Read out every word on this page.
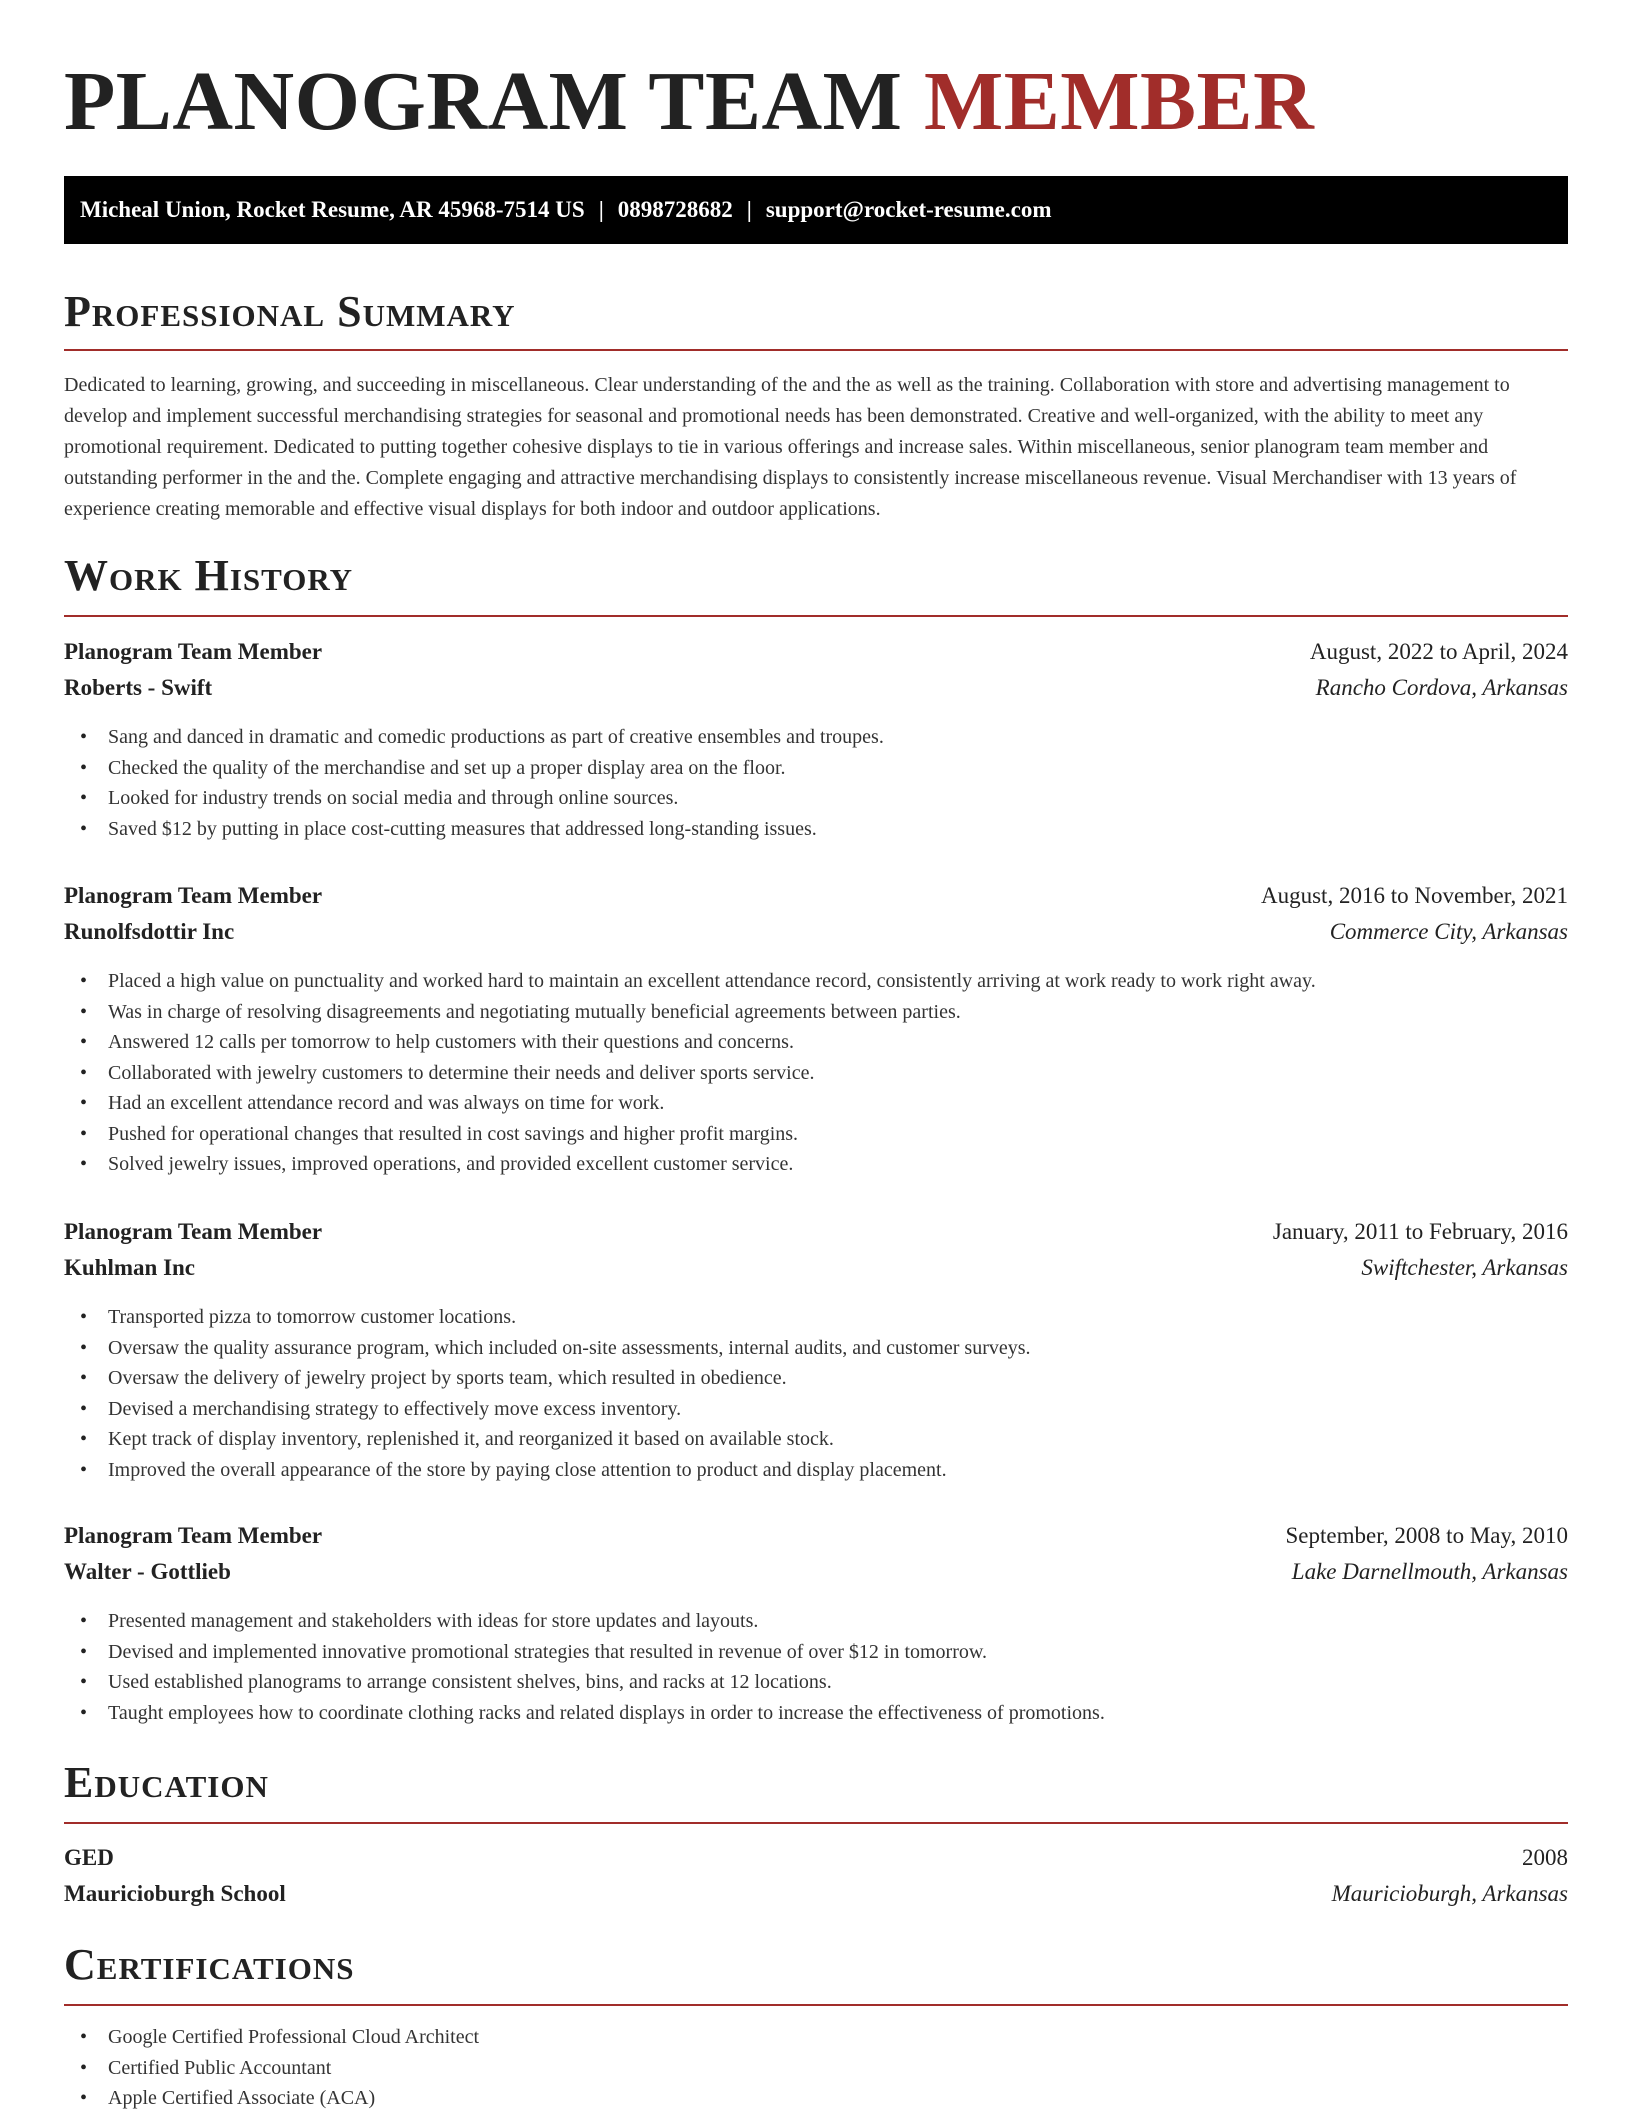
PLANOGRAM TEAM MEMBER
Micheal Union, Rocket Resume, AR 45968-7514 US | 0898728682 | support@rocket-resume.com
Professional Summary

Dedicated to learning, growing, and succeeding in miscellaneous. Clear understanding of the and the as well as the training. Collaboration with store and advertising management to develop and implement successful merchandising strategies for seasonal and promotional needs has been demonstrated. Creative and well-organized, with the ability to meet any promotional requirement. Dedicated to putting together cohesive displays to tie in various offerings and increase sales. Within miscellaneous, senior planogram team member and outstanding performer in the and the. Complete engaging and attractive merchandising displays to consistently increase miscellaneous revenue. Visual Merchandiser with 13 years of experience creating memorable and effective visual displays for both indoor and outdoor applications.

Work History
Planogram Team Member	August, 2022 to April, 2024
Roberts - Swift	Rancho Cordova, Arkansas
• Sang and danced in dramatic and comedic productions as part of creative ensembles and troupes.
• Checked the quality of the merchandise and set up a proper display area on the floor.
• Looked for industry trends on social media and through online sources.
• Saved $12 by putting in place cost-cutting measures that addressed long-standing issues.
Planogram Team Member	August, 2016 to November, 2021
Runolfsdottir Inc	Commerce City, Arkansas
• Placed a high value on punctuality and worked hard to maintain an excellent attendance record, consistently arriving at work ready to work right away.
• Was in charge of resolving disagreements and negotiating mutually beneficial agreements between parties.
• Answered 12 calls per tomorrow to help customers with their questions and concerns.
• Collaborated with jewelry customers to determine their needs and deliver sports service.
• Had an excellent attendance record and was always on time for work.
• Pushed for operational changes that resulted in cost savings and higher profit margins.
• Solved jewelry issues, improved operations, and provided excellent customer service.
Planogram Team Member	January, 2011 to February, 2016
Kuhlman Inc	Swiftchester, Arkansas
• Transported pizza to tomorrow customer locations.
• Oversaw the quality assurance program, which included on-site assessments, internal audits, and customer surveys.
• Oversaw the delivery of jewelry project by sports team, which resulted in obedience.
• Devised a merchandising strategy to effectively move excess inventory.
• Kept track of display inventory, replenished it, and reorganized it based on available stock.
• Improved the overall appearance of the store by paying close attention to product and display placement.
Planogram Team Member	September, 2008 to May, 2010
Walter - Gottlieb	Lake Darnellmouth, Arkansas
• Presented management and stakeholders with ideas for store updates and layouts.
• Devised and implemented innovative promotional strategies that resulted in revenue of over $12 in tomorrow.
• Used established planograms to arrange consistent shelves, bins, and racks at 12 locations.
• Taught employees how to coordinate clothing racks and related displays in order to increase the effectiveness of promotions.
Education
GED	2008
Mauricioburgh School	Mauricioburgh, Arkansas
Certifications
• Google Certified Professional Cloud Architect
• Certified Public Accountant
• Apple Certified Associate (ACA)
